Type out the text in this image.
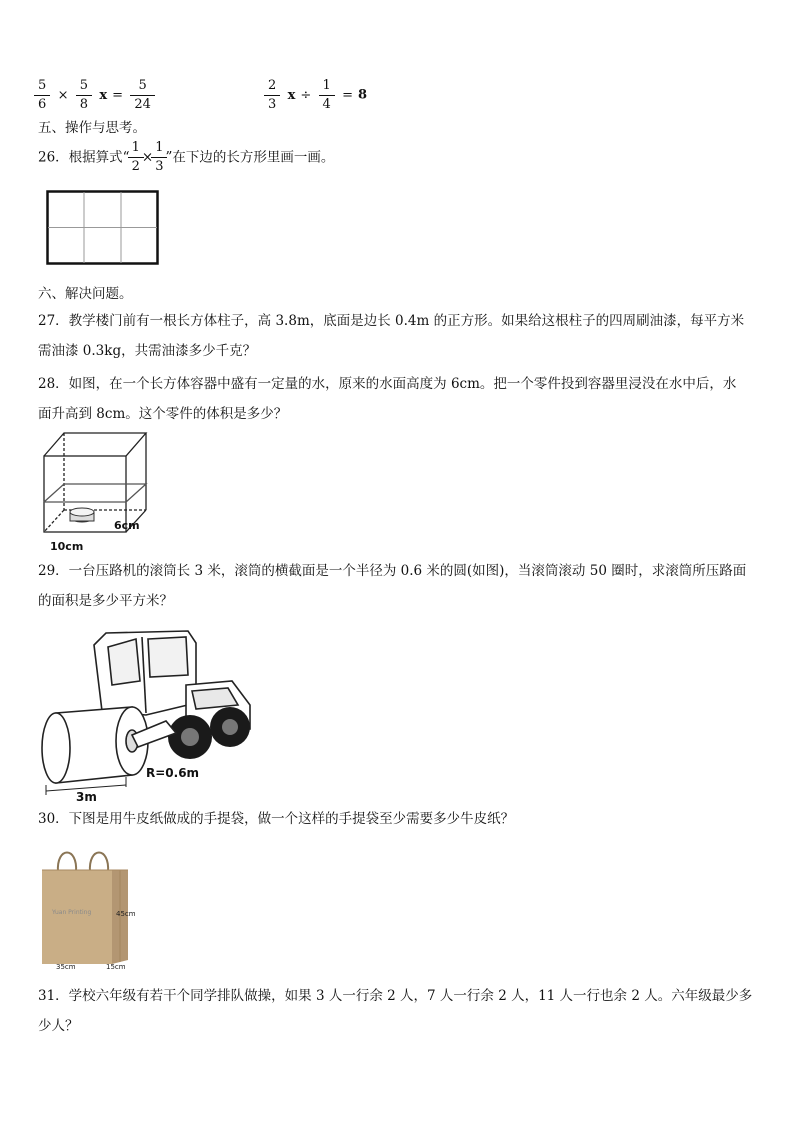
$\frac{5}{6} \times \frac{5}{8}$ $x = \frac{5}{24}$	$\frac{2}{3}$ $x \div \frac{1}{4} = 8$
五、操作与思考。
26．根据算式“ $\frac{1}{2} \times \frac{1}{3}$ ”在下边的长方形里画一画。
六、解决问题。
27．教学楼门前有一根长方体柱子，高 3.8m，底面是边长 0.4m 的正方形。如果给这根柱子的四周刷油漆，每平方米
需油漆 0.3kg，共需油漆多少千克？
28．如图，在一个长方体容器中盛有一定量的水，原来的水面高度为 6cm。把一个零件投到容器里浸没在水中后，水
面升高到 8cm。这个零件的体积是多少？
6cm
10cm
29．一台压路机的滚筒长 3 米，滚筒的横截面是一个半径为 0.6 米的圆(如图)，当滚筒滚动 50 圈时，求滚筒所压路面
的面积是多少平方米？
R=0.6m
3m
30．下图是用牛皮纸做成的手提袋，做一个这样的手提袋至少需要多少牛皮纸？
Yuan Printing	45cm
35cm	15cm
31．学校六年级有若干个同学排队做操，如果 3 人一行余 2 人，7 人一行余 2 人，11 人一行也余 2 人。六年级最少多
少人？
